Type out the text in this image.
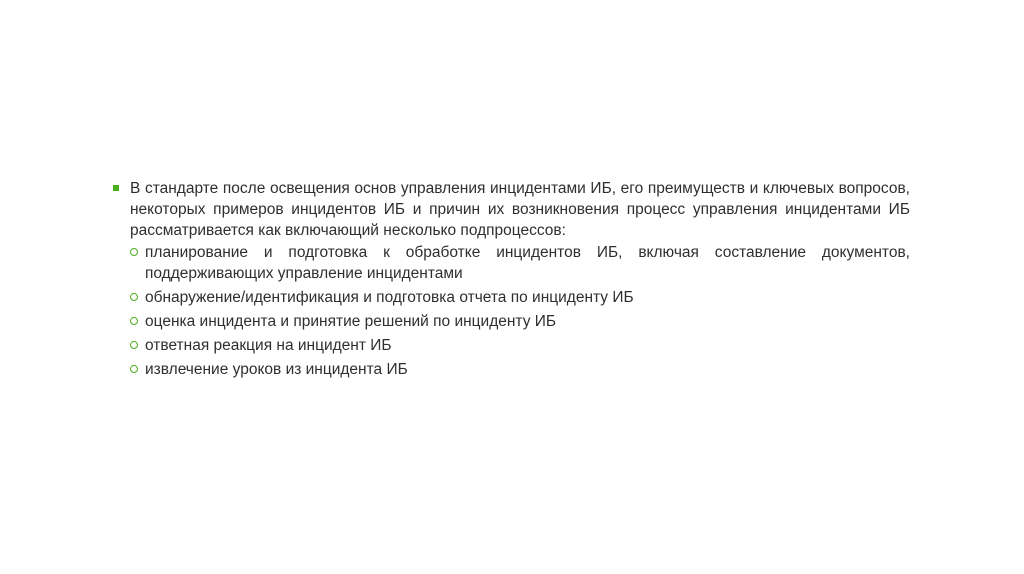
В стандарте после освещения основ управления инцидентами ИБ, его преимуществ и ключевых вопросов, некоторых примеров инцидентов ИБ и причин их возникновения процесс управления инцидентами ИБ рассматривается как включающий несколько подпроцессов:
планирование и подготовка к обработке инцидентов ИБ, включая составление документов, поддерживающих управление инцидентами
обнаружение/идентификация и подготовка отчета по инциденту ИБ
оценка инцидента и принятие решений по инциденту ИБ
ответная реакция на инцидент ИБ
извлечение уроков из инцидента ИБ
